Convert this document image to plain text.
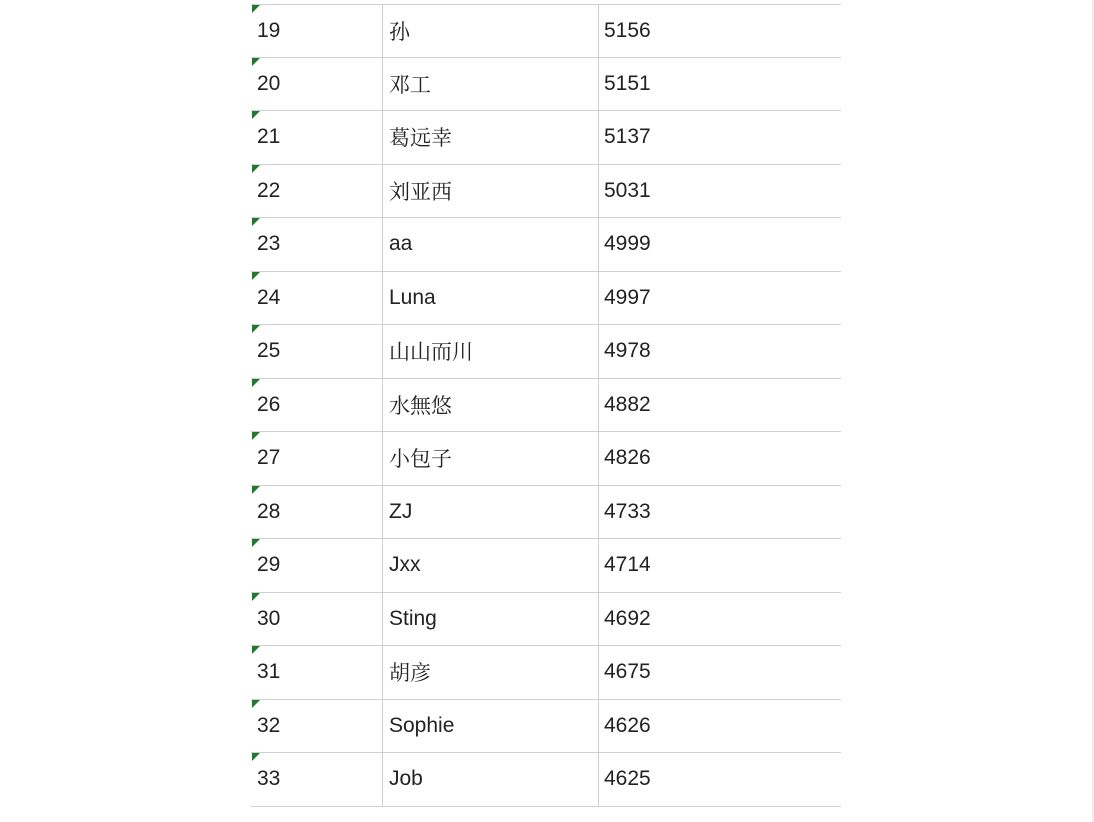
19	孙	5156
20	邓工	5151
21	葛远幸	5137
22	刘亚西	5031
23	aa	4999
24	Luna	4997
25	山山而川	4978
26	水無悠	4882
27	小包子	4826
28	ZJ	4733
29	Jxx	4714
30	Sting	4692
31	胡彦	4675
32	Sophie	4626
33	Job	4625
